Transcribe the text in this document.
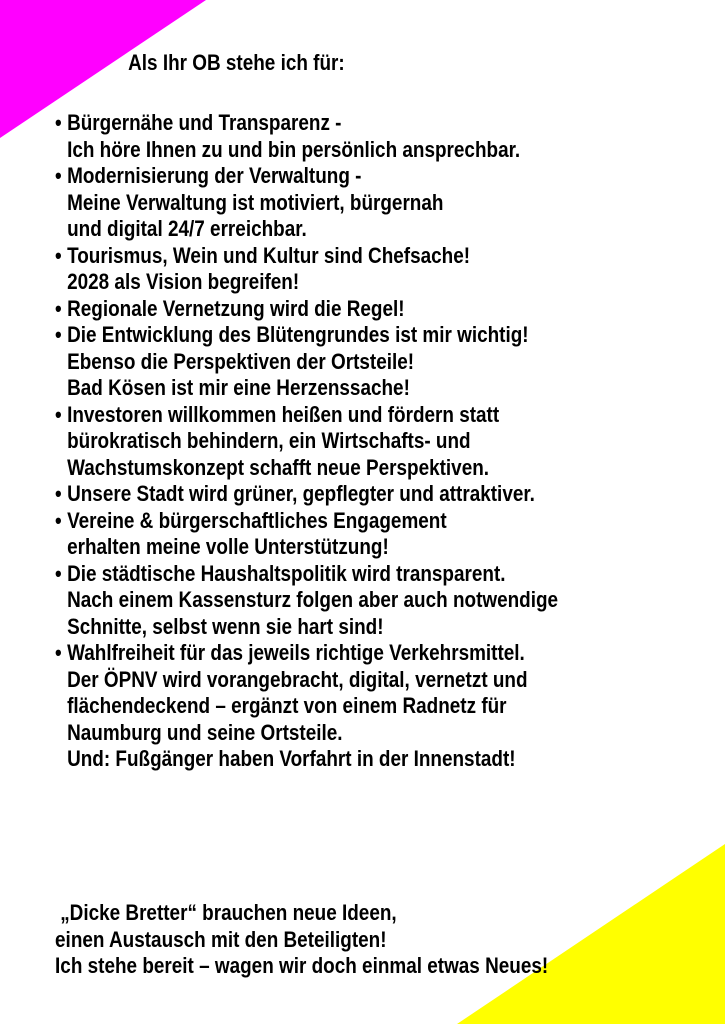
Als Ihr OB stehe ich für:
• Bürgernähe und Transparenz -
Ich höre Ihnen zu und bin persönlich ansprechbar.
• Modernisierung der Verwaltung -
Meine Verwaltung ist motiviert, bürgernah
und digital 24/7 erreichbar.
• Tourismus, Wein und Kultur sind Chefsache!
2028 als Vision begreifen!
• Regionale Vernetzung wird die Regel!
• Die Entwicklung des Blütengrundes ist mir wichtig!
Ebenso die Perspektiven der Ortsteile!
Bad Kösen ist mir eine Herzenssache!
• Investoren willkommen heißen und fördern statt
bürokratisch behindern, ein Wirtschafts- und
Wachstumskonzept schafft neue Perspektiven.
• Unsere Stadt wird grüner, gepflegter und attraktiver.
• Vereine & bürgerschaftliches Engagement
erhalten meine volle Unterstützung!
• Die städtische Haushaltspolitik wird transparent.
Nach einem Kassensturz folgen aber auch notwendige
Schnitte, selbst wenn sie hart sind!
• Wahlfreiheit für das jeweils richtige Verkehrsmittel.
Der ÖPNV wird vorangebracht, digital, vernetzt und
flächendeckend – ergänzt von einem Radnetz für
Naumburg und seine Ortsteile.
Und: Fußgänger haben Vorfahrt in der Innenstadt!
„Dicke Bretter“ brauchen neue Ideen,
einen Austausch mit den Beteiligten!
Ich stehe bereit – wagen wir doch einmal etwas Neues!
